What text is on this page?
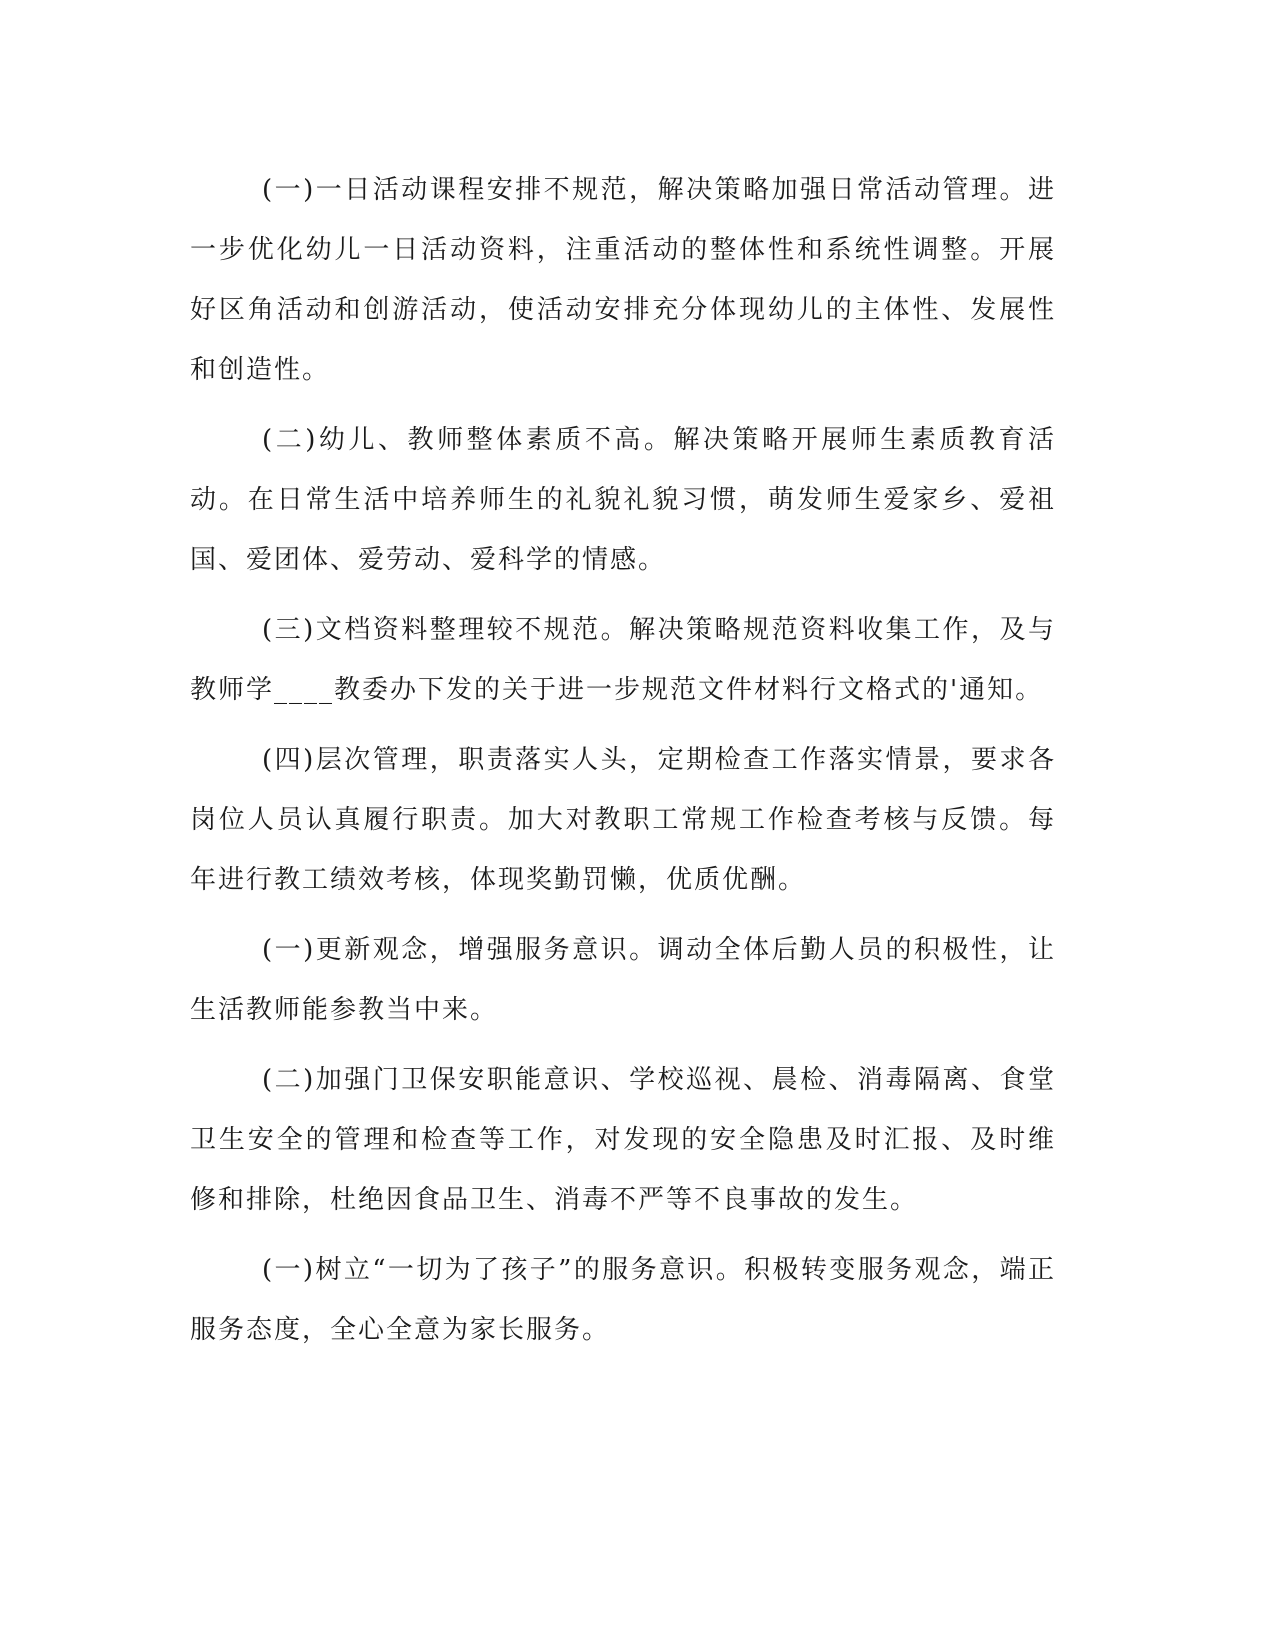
(一)一日活动课程安排不规范，解决策略加强日常活动管理。进一步优化幼儿一日活动资料，注重活动的整体性和系统性调整。开展好区角活动和创游活动，使活动安排充分体现幼儿的主体性、发展性和创造性。

(二)幼儿、教师整体素质不高。解决策略开展师生素质教育活动。在日常生活中培养师生的礼貌礼貌习惯，萌发师生爱家乡、爱祖国、爱团体、爱劳动、爱科学的情感。

(三)文档资料整理较不规范。解决策略规范资料收集工作，及与教师学____教委办下发的关于进一步规范文件材料行文格式的'通知。

(四)层次管理，职责落实人头，定期检查工作落实情景，要求各岗位人员认真履行职责。加大对教职工常规工作检查考核与反馈。每年进行教工绩效考核，体现奖勤罚懒，优质优酬。

(一)更新观念，增强服务意识。调动全体后勤人员的积极性，让生活教师能参教当中来。

(二)加强门卫保安职能意识、学校巡视、晨检、消毒隔离、食堂卫生安全的管理和检查等工作，对发现的安全隐患及时汇报、及时维修和排除，杜绝因食品卫生、消毒不严等不良事故的发生。

(一)树立“一切为了孩子”的服务意识。积极转变服务观念，端正服务态度，全心全意为家长服务。
